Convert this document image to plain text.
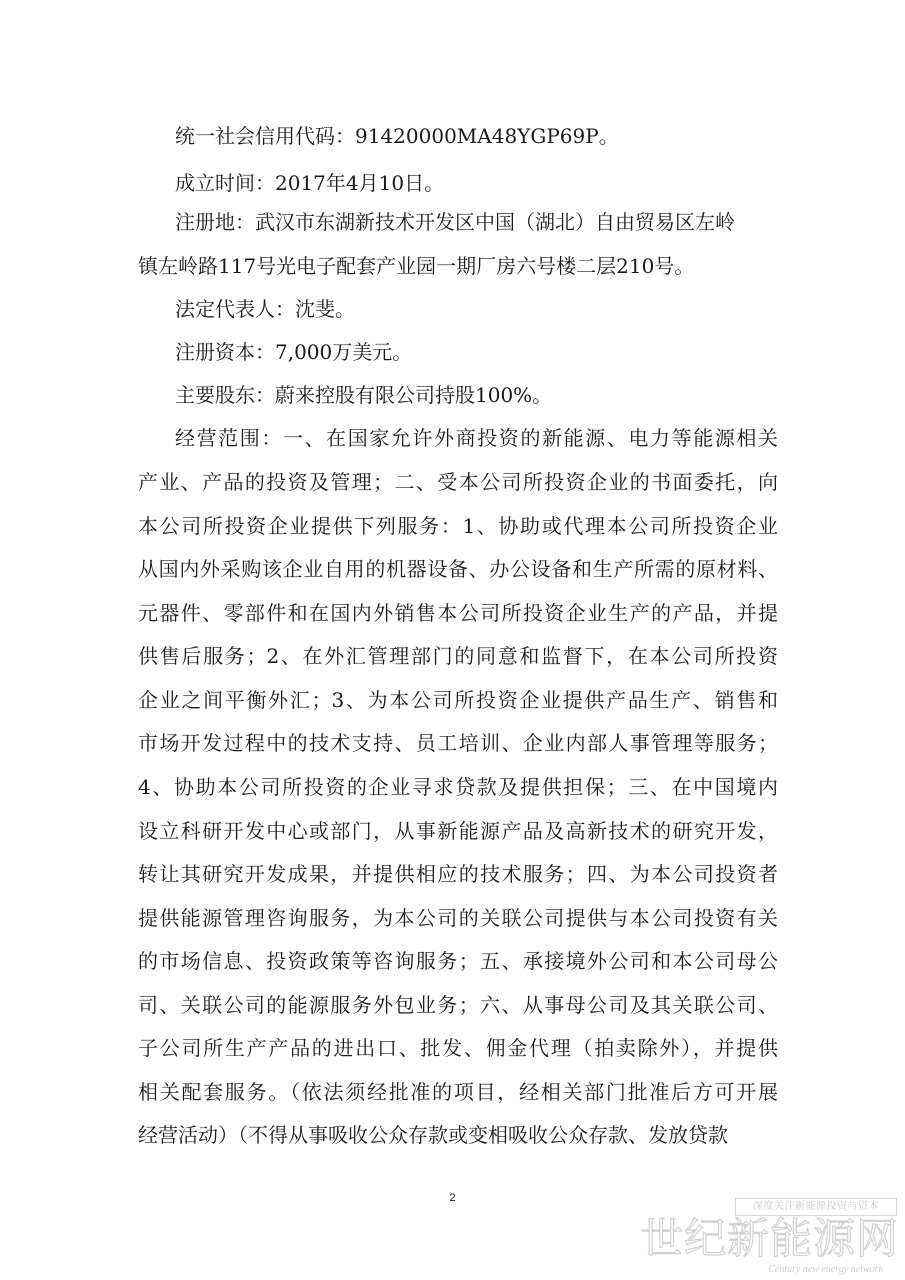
统一社会信用代码：91420000MA48YGP69P。
成立时间：2017年4月10日。
注册地：武汉市东湖新技术开发区中国（湖北）自由贸易区左岭
镇左岭路117号光电子配套产业园一期厂房六号楼二层210号。
法定代表人：沈斐。
注册资本：7,000万美元。
主要股东：蔚来控股有限公司持股100%。
经营范围：一、在国家允许外商投资的新能源、电力等能源相关
产业、产品的投资及管理；二、受本公司所投资企业的书面委托，向
本公司所投资企业提供下列服务：1、协助或代理本公司所投资企业
从国内外采购该企业自用的机器设备、办公设备和生产所需的原材料、
元器件、零部件和在国内外销售本公司所投资企业生产的产品，并提
供售后服务；2、在外汇管理部门的同意和监督下，在本公司所投资
企业之间平衡外汇；3、为本公司所投资企业提供产品生产、销售和
市场开发过程中的技术支持、员工培训、企业内部人事管理等服务；
4、协助本公司所投资的企业寻求贷款及提供担保；三、在中国境内
设立科研开发中心或部门，从事新能源产品及高新技术的研究开发，
转让其研究开发成果，并提供相应的技术服务；四、为本公司投资者
提供能源管理咨询服务，为本公司的关联公司提供与本公司投资有关
的市场信息、投资政策等咨询服务；五、承接境外公司和本公司母公
司、关联公司的能源服务外包业务；六、从事母公司及其关联公司、
子公司所生产产品的进出口、批发、佣金代理（拍卖除外），并提供
相关配套服务。（依法须经批准的项目，经相关部门批准后方可开展
经营活动）（不得从事吸收公众存款或变相吸收公众存款、发放贷款
2
深度关注新能源投资与资本
世纪新能源网
Century new energy network
